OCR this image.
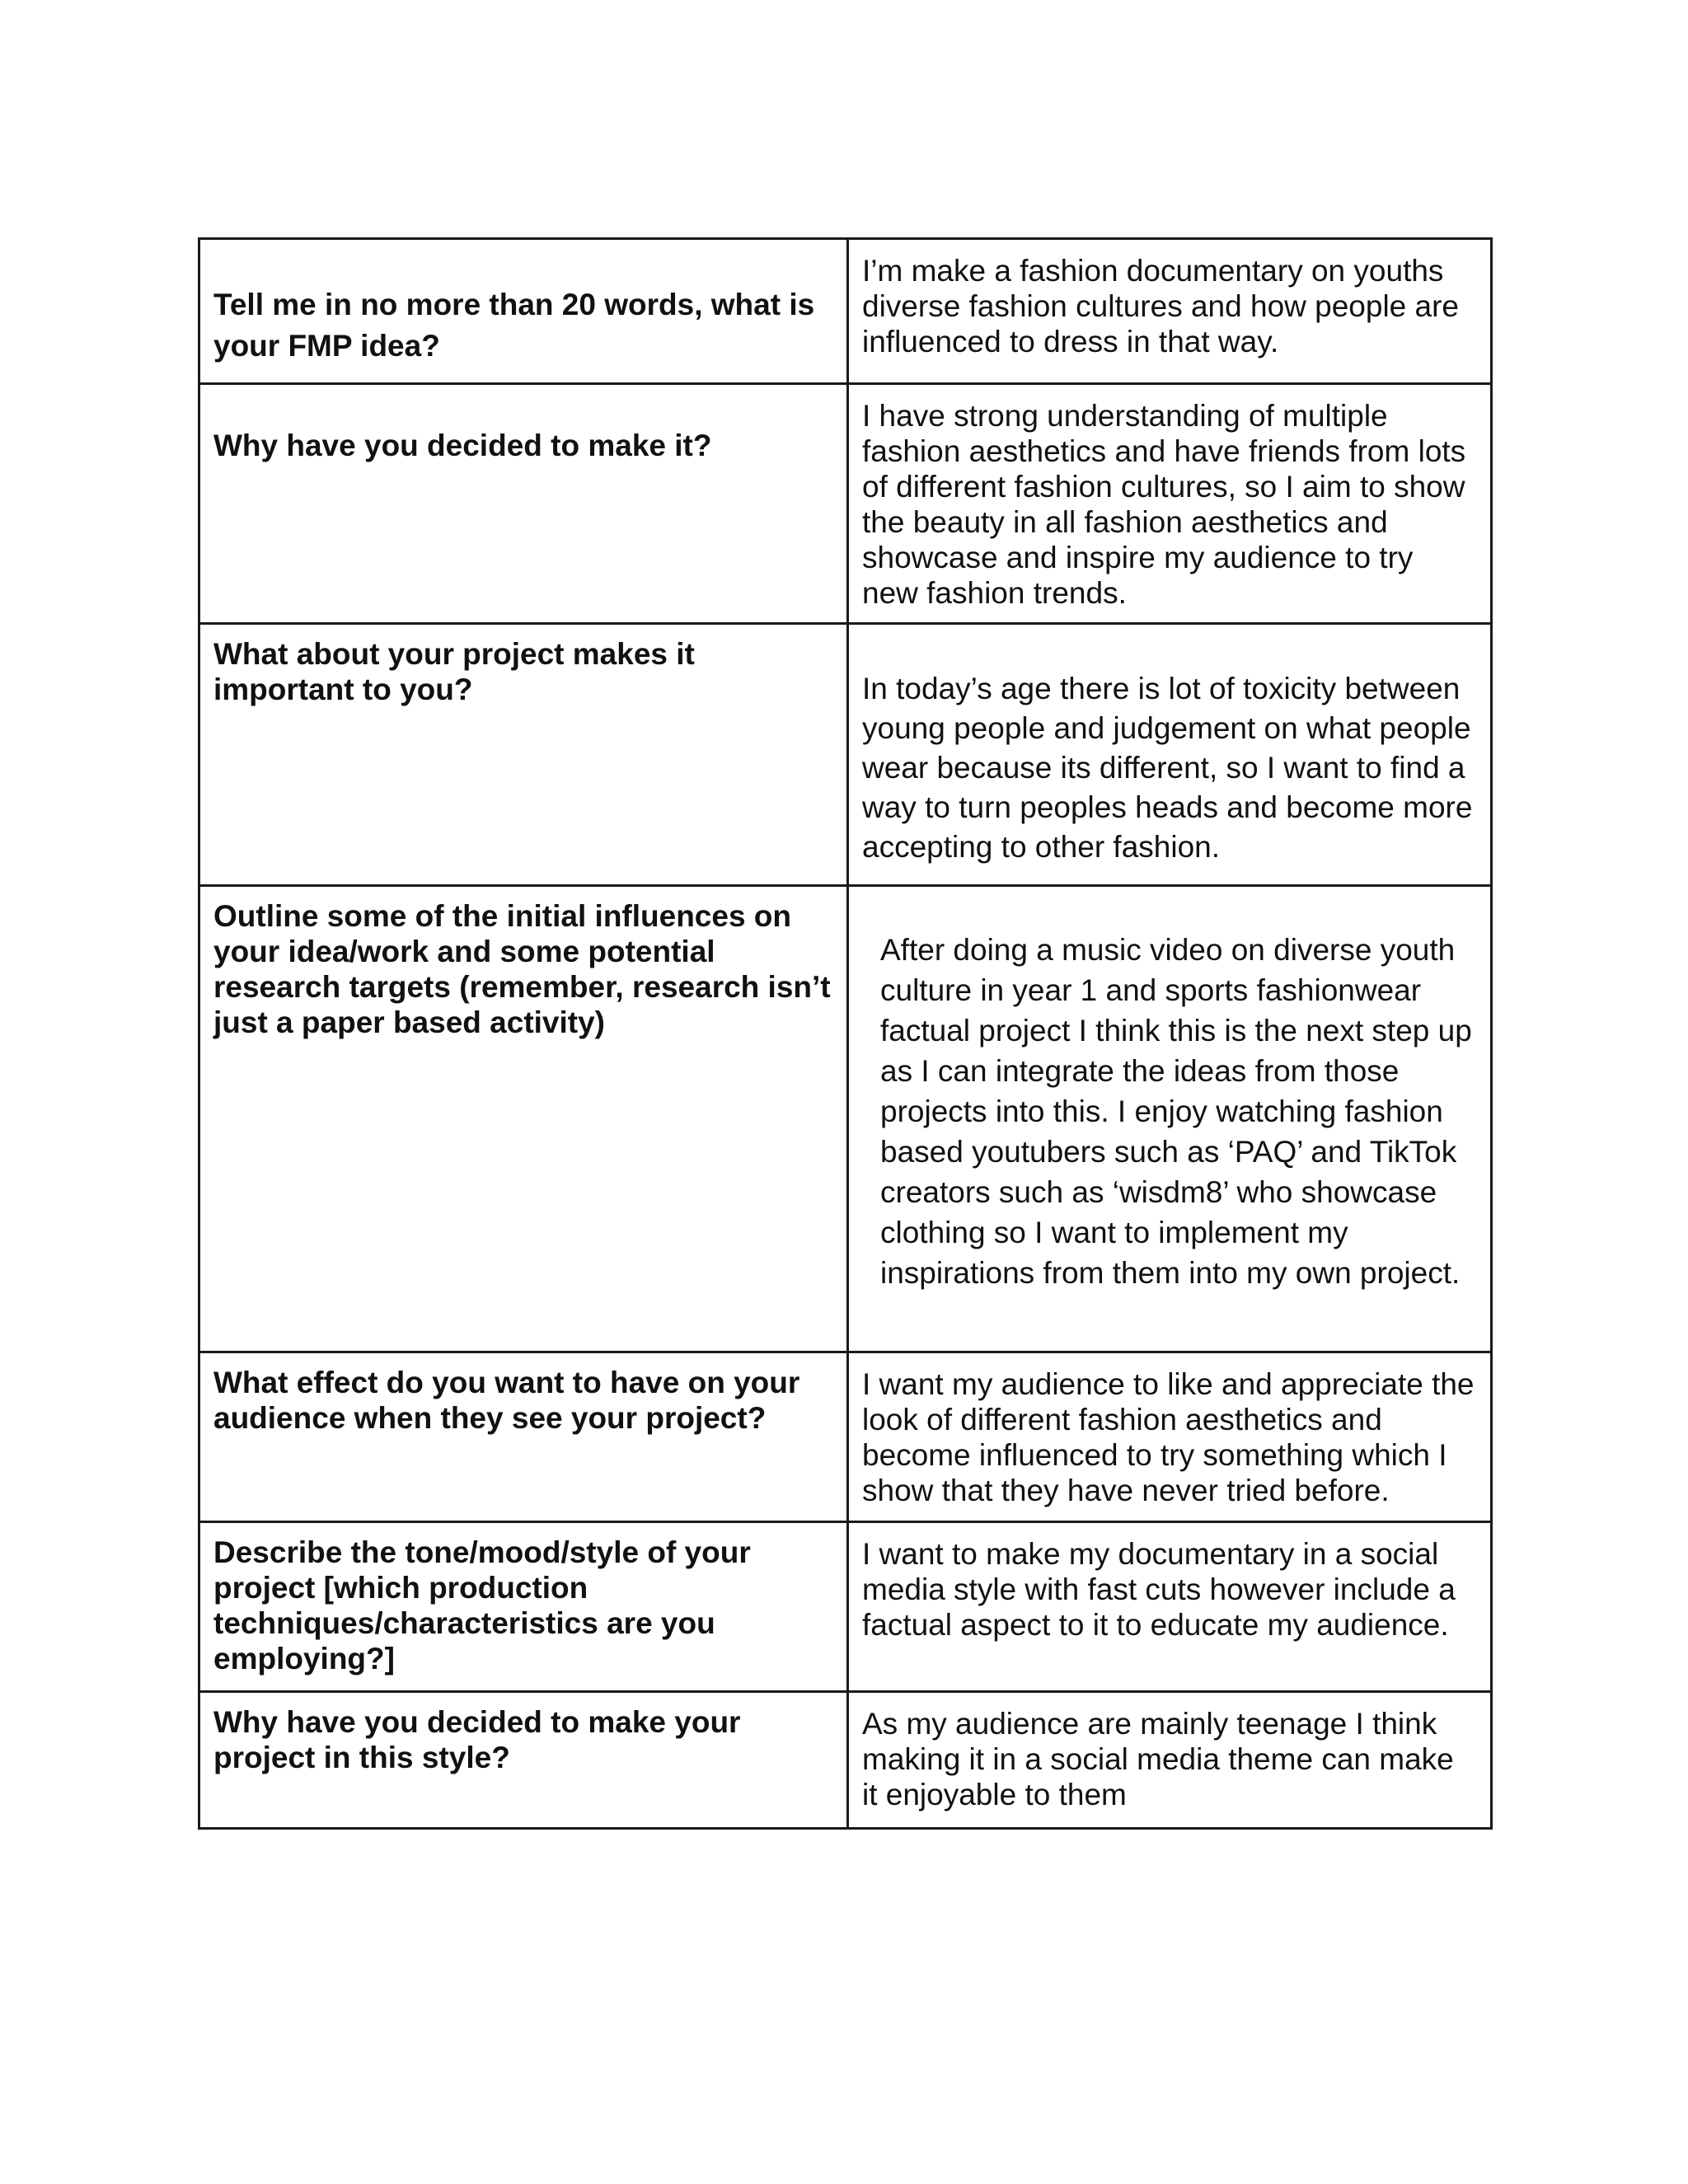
Tell me in no more than 20 words, what is your FMP idea?	I’m make a fashion documentary on youths diverse fashion cultures and how people are influenced to dress in that way.
Why have you decided to make it?	I have strong understanding of multiple fashion aesthetics and have friends from lots of different fashion cultures, so I aim to show the beauty in all fashion aesthetics and showcase and inspire my audience to try new fashion trends.
What about your project makes it important to you?	In today’s age there is lot of toxicity between young people and judgement on what people wear because its different, so I want to find a way to turn peoples heads and become more accepting to other fashion.
Outline some of the initial influences on your idea/work and some potential research targets (remember, research isn’t just a paper based activity)	After doing a music video on diverse youth culture in year 1 and sports fashionwear factual project I think this is the next step up as I can integrate the ideas from those projects into this. I enjoy watching fashion based youtubers such as ‘PAQ’ and TikTok creators such as ‘wisdm8’ who showcase clothing so I want to implement my inspirations from them into my own project.
What effect do you want to have on your audience when they see your project?	I want my audience to like and appreciate the look of different fashion aesthetics and become influenced to try something which I show that they have never tried before.
Describe the tone/mood/style of your project [which production techniques/characteristics are you employing?]	I want to make my documentary in a social media style with fast cuts however include a factual aspect to it to educate my audience.
Why have you decided to make your project in this style?	As my audience are mainly teenage I think making it in a social media theme can make it enjoyable to them
